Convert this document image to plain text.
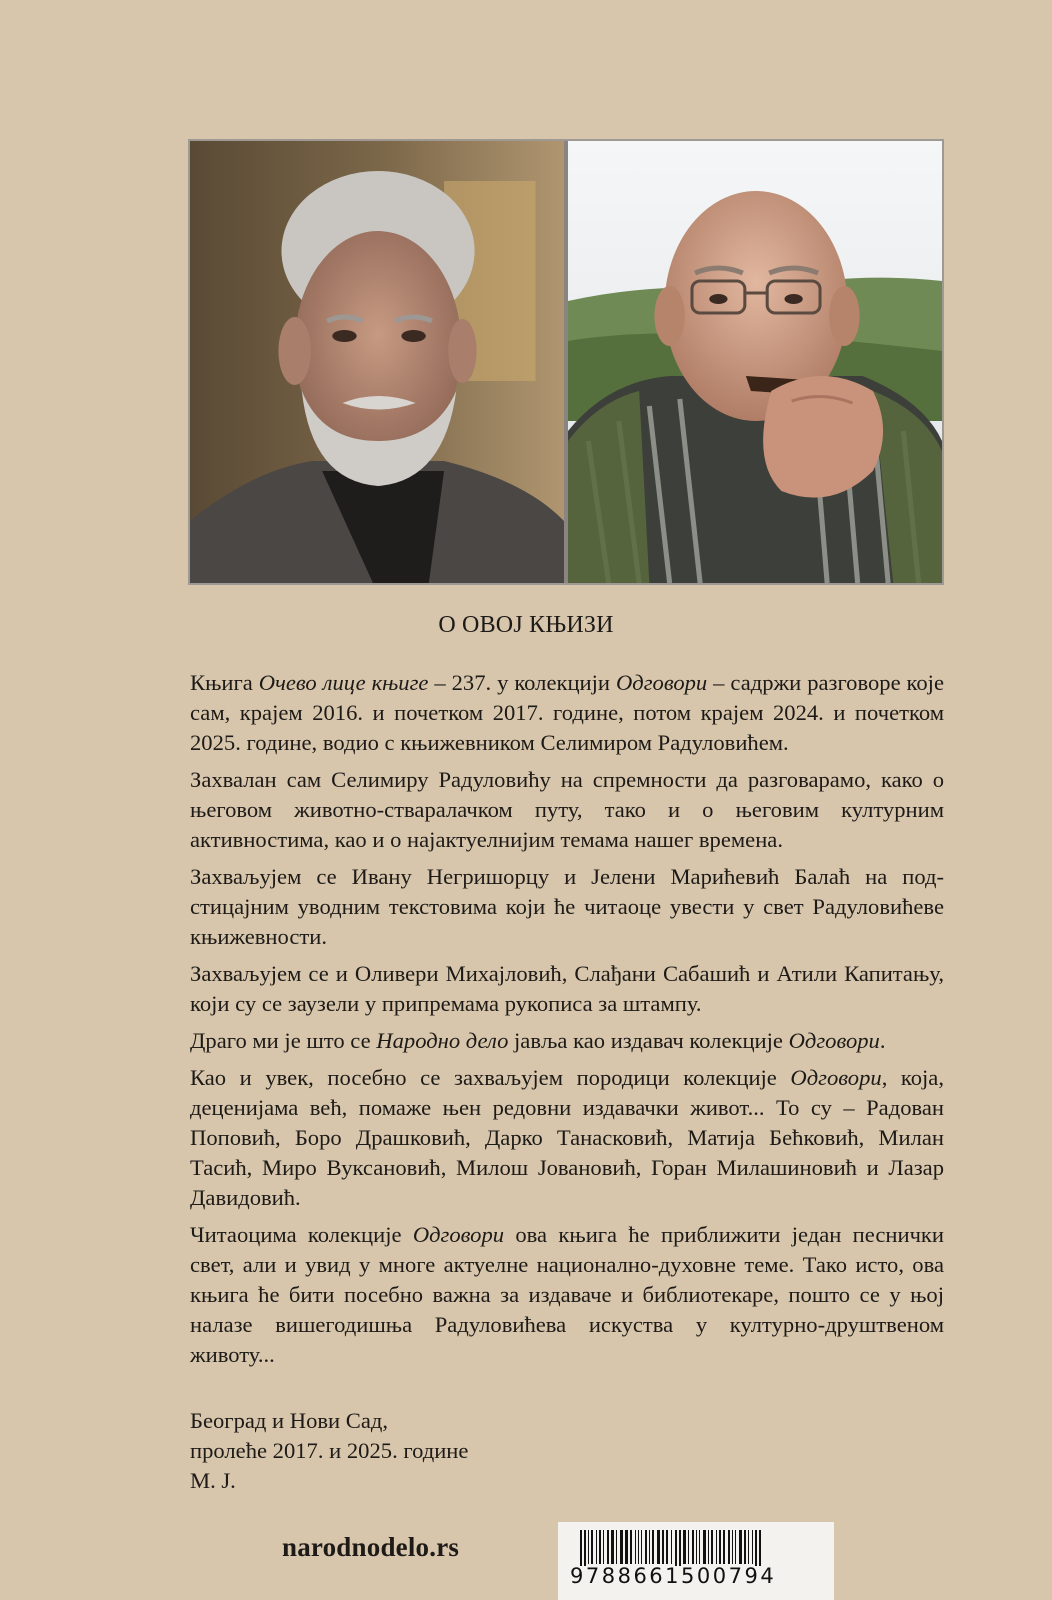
О ОВОЈ КЊИЗИ

Књига Очево лице књиге – 237. у колекцији Одговори – садржи разговоре које сам, крајем 2016. и почетком 2017. године, потом крајем 2024. и почетком 2025. године, водио с књижевником Селимиром Радуловићем.

Захвалан сам Селимиру Радуловићу на спремности да разговарамо, како о његовом животно-стваралачком путу, тако и о његовим културним активностима, као и о најактуелнијим темама нашег времена.

Захваљујем се Ивану Негришорцу и Јелени Марићевић Балаћ на подстицајним уводним текстовима који ће читаоце увести у свет Радуловићеве књижевности.

Захваљујем се и Оливери Михајловић, Слађани Сабашић и Атили Капитању, који су се заузели у припремама рукописа за штампу.

Драго ми је што се Народно дело јавља као издавач колекције Одговори.

Као и увек, посебно се захваљујем породици колекције Одговори, која, деценијама већ, помаже њен редовни издавачки живот... То су – Радован Поповић, Боро Драшковић, Дарко Танасковић, Матија Бећковић, Милан Тасић, Миро Вуксановић, Милош Јовановић, Горан Милашиновић и Лазар Давидовић.

Читаоцима колекције Одговори ова књига ће приближити један песнички свет, али и увид у многе актуелне национално-духовне теме. Тако исто, ова књига ће бити посебно важна за издаваче и библиотекаре, пошто се у њој налазе вишегодишња Радуловићева искуства у културно-друштвеном животу...

Београд и Нови Сад,
пролеће 2017. и 2025. године
М. Ј.
narodnodelo.rs
9788661500794
